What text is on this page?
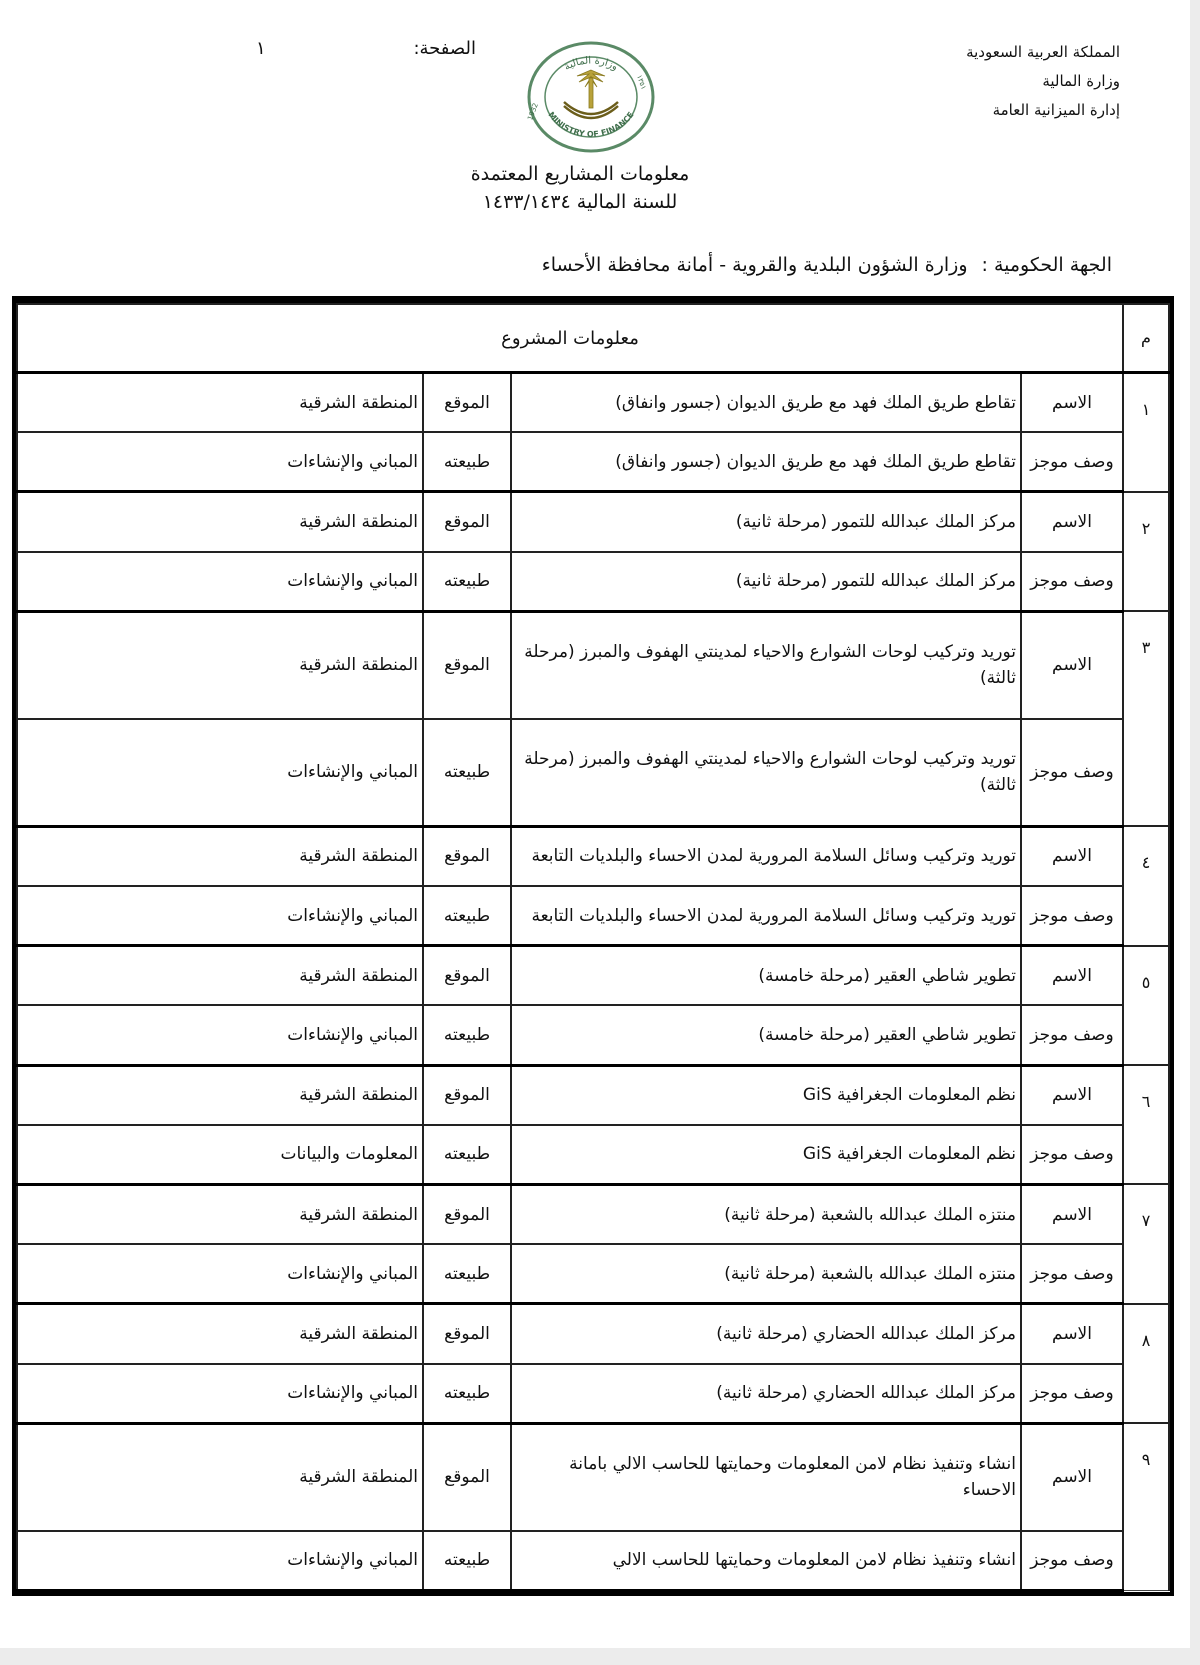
المملكة العربية السعودية
وزارة المالية
إدارة الميزانية العامة
الصفحة:
١
وزارة المالية
MINISTRY OF FINANCE
1932
١٣٥١
معلومات المشاريع المعتمدة
للسنة المالية ١٤٣٣/١٤٣٤
الجهة الحكومية :
وزارة الشؤون البلدية والقروية - أمانة محافظة الأحساء
م	معلومات المشروع			
١	الاسم	تقاطع طريق الملك فهد مع طريق الديوان (جسور وانفاق)	الموقع	المنطقة الشرقية
	وصف موجز	تقاطع طريق الملك فهد مع طريق الديوان (جسور وانفاق)	طبيعته	المباني والإنشاءات
٢	الاسم	مركز الملك عبدالله للتمور (مرحلة ثانية)	الموقع	المنطقة الشرقية
	وصف موجز	مركز الملك عبدالله للتمور (مرحلة ثانية)	طبيعته	المباني والإنشاءات
٣	الاسم	توريد وتركيب لوحات الشوارع والاحياء لمدينتي الهفوف والمبرز (مرحلة ثالثة)	الموقع	المنطقة الشرقية
	وصف موجز	توريد وتركيب لوحات الشوارع والاحياء لمدينتي الهفوف والمبرز (مرحلة ثالثة)	طبيعته	المباني والإنشاءات
٤	الاسم	توريد وتركيب وسائل السلامة المرورية لمدن الاحساء والبلديات التابعة	الموقع	المنطقة الشرقية
	وصف موجز	توريد وتركيب وسائل السلامة المرورية لمدن الاحساء والبلديات التابعة	طبيعته	المباني والإنشاءات
٥	الاسم	تطوير شاطي العقير (مرحلة خامسة)	الموقع	المنطقة الشرقية
	وصف موجز	تطوير شاطي العقير (مرحلة خامسة)	طبيعته	المباني والإنشاءات
٦	الاسم	نظم المعلومات الجغرافية GiS	الموقع	المنطقة الشرقية
	وصف موجز	نظم المعلومات الجغرافية GiS	طبيعته	المعلومات والبيانات
٧	الاسم	منتزه الملك عبدالله بالشعبة (مرحلة ثانية)	الموقع	المنطقة الشرقية
	وصف موجز	منتزه الملك عبدالله بالشعبة (مرحلة ثانية)	طبيعته	المباني والإنشاءات
٨	الاسم	مركز الملك عبدالله الحضاري (مرحلة ثانية)	الموقع	المنطقة الشرقية
	وصف موجز	مركز الملك عبدالله الحضاري (مرحلة ثانية)	طبيعته	المباني والإنشاءات
٩	الاسم	انشاء وتنفيذ نظام لامن المعلومات وحمايتها للحاسب الالي بامانة الاحساء	الموقع	المنطقة الشرقية
	وصف موجز	انشاء وتنفيذ نظام لامن المعلومات وحمايتها للحاسب الالي	طبيعته	المباني والإنشاءات
